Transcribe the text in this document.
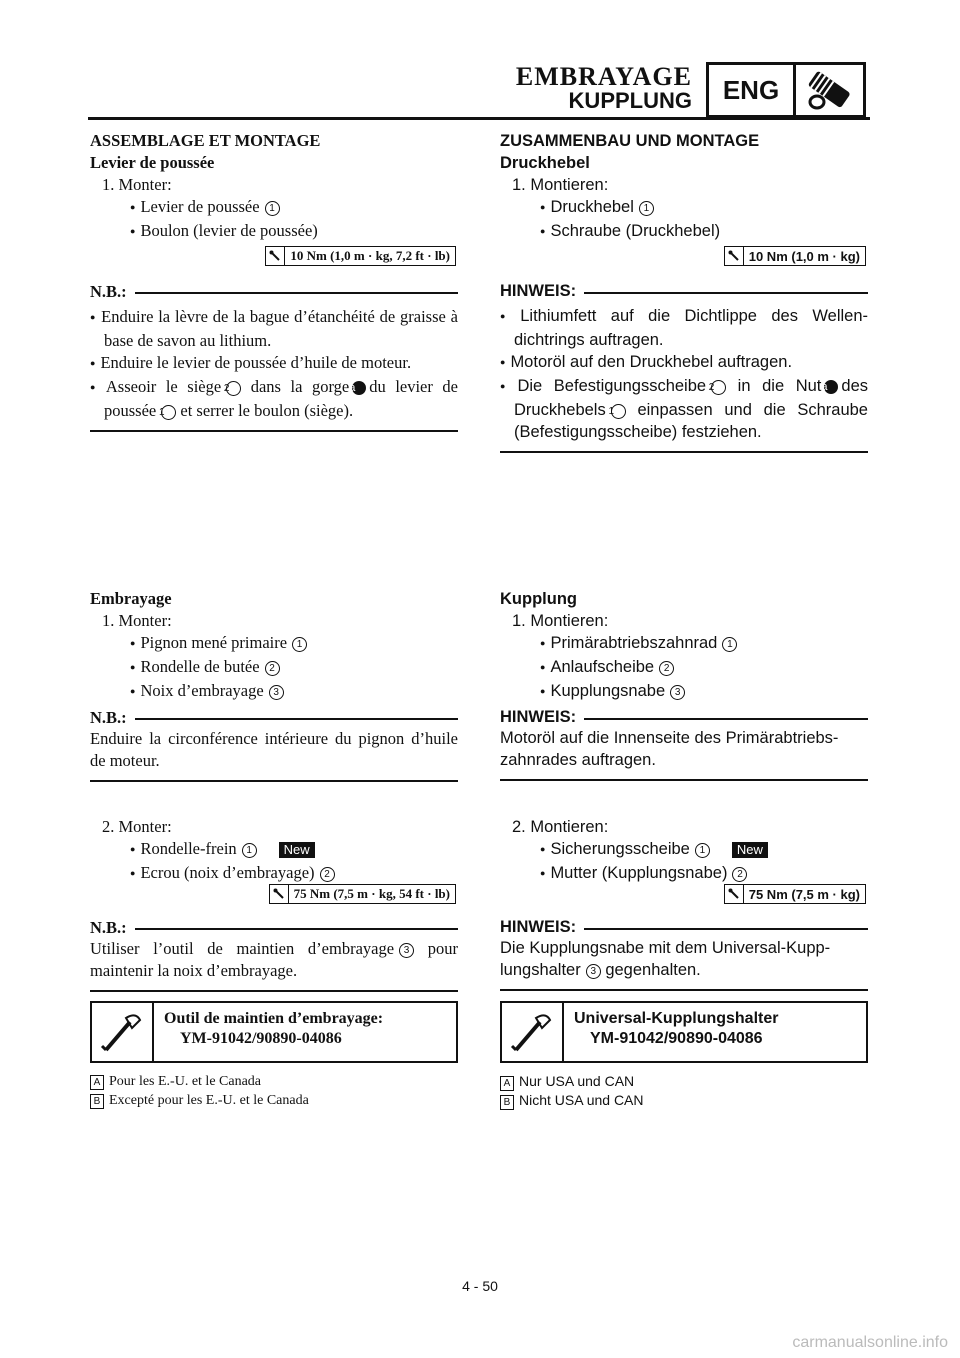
EMBRAYAGE
KUPPLUNG	ENG
ASSEMBLAGE ET MONTAGE
Levier de poussée
1. Monter:
● Levier de poussée 1
● Boulon (levier de poussée)
10 Nm (1,0 m · kg, 7,2 ft · lb)
N.B.:
● Enduire la lèvre de la bague d’étanchéité de graisse à base de savon au lithium.
● Enduire le levier de poussée d’huile de moteur.
● Asseoir le siège 2 dans la gorgea du levier de poussée 1 et serrer le boulon (siège).
Embrayage
1. Monter:
● Pignon mené primaire 1
● Rondelle de butée 2
● Noix d’embrayage 3
N.B.:
Enduire la circonférence intérieure du pignon d’huile de moteur.
2. Monter:
● Rondelle-frein 1 New
● Ecrou (noix d’embrayage) 2
75 Nm (7,5 m · kg, 54 ft · lb)
N.B.:
Utiliser l’outil de maintien d’embrayage 3 pour maintenir la noix d’embrayage.
Outil de maintien d’embrayage:
YM-91042/90890-04086
A Pour les E.-U. et le Canada
B Excepté pour les E.-U. et le Canada
ZUSAMMENBAU UND MONTAGE
Druckhebel
1. Montieren:
● Druckhebel 1
● Schraube (Druckhebel)
10 Nm (1,0 m · kg)
HINWEIS:
● Lithiumfett auf die Dichtlippe des Wellen-dichtrings auftragen.
● Motoröl auf den Druckhebel auftragen.
● Die Befestigungsscheibe 2 in die Nuta des Druckhebels 1 einpassen und die Schraube (Befestigungsscheibe) festziehen.
Kupplung
1. Montieren:
● Primärabtriebszahnrad 1
● Anlaufscheibe 2
● Kupplungsnabe 3
HINWEIS:
Motoröl auf die Innenseite des Primärabtriebs-zahnrades auftragen.
2. Montieren:
● Sicherungsscheibe 1 New
● Mutter (Kupplungsnabe) 2
75 Nm (7,5 m · kg)
HINWEIS:
Die Kupplungsnabe mit dem Universal-Kupp-lungshalter 3 gegenhalten.
Universal-Kupplungshalter
YM-91042/90890-04086
A Nur USA und CAN
B Nicht USA und CAN
4 - 50
carmanualsonline.info
